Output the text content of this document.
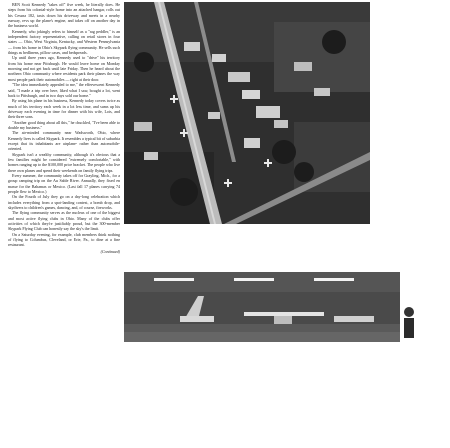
BEN Scott Kennedy "takes off" five week, he literally does. He steps from his colonial-style home into an attached hangar, rolls out his Cessna 182, taxis down his driveway and meets in a nearby runway, revs up the plane's engine, and takes off on another day in the business world.

Kennedy, who jokingly refers to himself as a "rag peddler," is an independent factory representative, calling on retail stores in four states — Ohio, West Virginia, Kentucky, and Western Pennsylvania — from his home in Ohio's Skypark flying community. He sells such things as bedlinens, pillow cases, and bedspreads.

Up until three years ago, Kennedy used to "drive" his territory from his home near Pittsburgh. He would leave home on Monday morning and not get back until late Friday. Then he heard about the northern Ohio community where residents park their planes the way most people park their automobiles — right at their door.

"The idea immediately appealed to me," the effervescent Kennedy said, "I made a trip over here, liked what I saw, bought a lot, went back to Pittsburgh, and in two days sold our home."

By using his plane in his business, Kennedy today covers twice as much of his territory each week in a lot less time, and sums up his driveway each evening in time for dinner with his wife, Lois, and their three sons.

"Another good thing about all this," he chuckled, "I've been able to double my business."

The air-minded community near Wadsworth, Ohio, where Kennedy lives is called Skypark. It resembles a typical bit of suburbia except that its inhabitants are airplane- rather than automobile-oriented.

Skypark isn't a wealthy community, although it's obvious that a few families might be considered "extremely comfortable," with homes ranging up to the $100,000 price bracket. The people who live there own planes and spend their weekends on family flying trips.

Every summer, the community takes off for Grayling, Mich., for a group camping trip on the Au Sable River. Annually, they fixed en masse for the Bahamas or Mexico. (Last fall 17 planes carrying 74 people flew to Mexico.)

On the Fourth of July they go on a day-long celebration which includes everything from a spot-landing contest, a bomb drop, and skydivers to children's games, dancing, and, of course, fireworks.

The flying community serves as the nucleus of one of the biggest and most active flying clubs in Ohio. Many of the clubs offer activities of which they're justifiably proud, but the 300-member Skypark Flying Club can honestly say the sky's the limit.

On a Saturday evening, for example, club members think nothing of flying to Columbus, Cleveland, or Erie, Pa., to dine at a fine restaurant.

(Continued)
